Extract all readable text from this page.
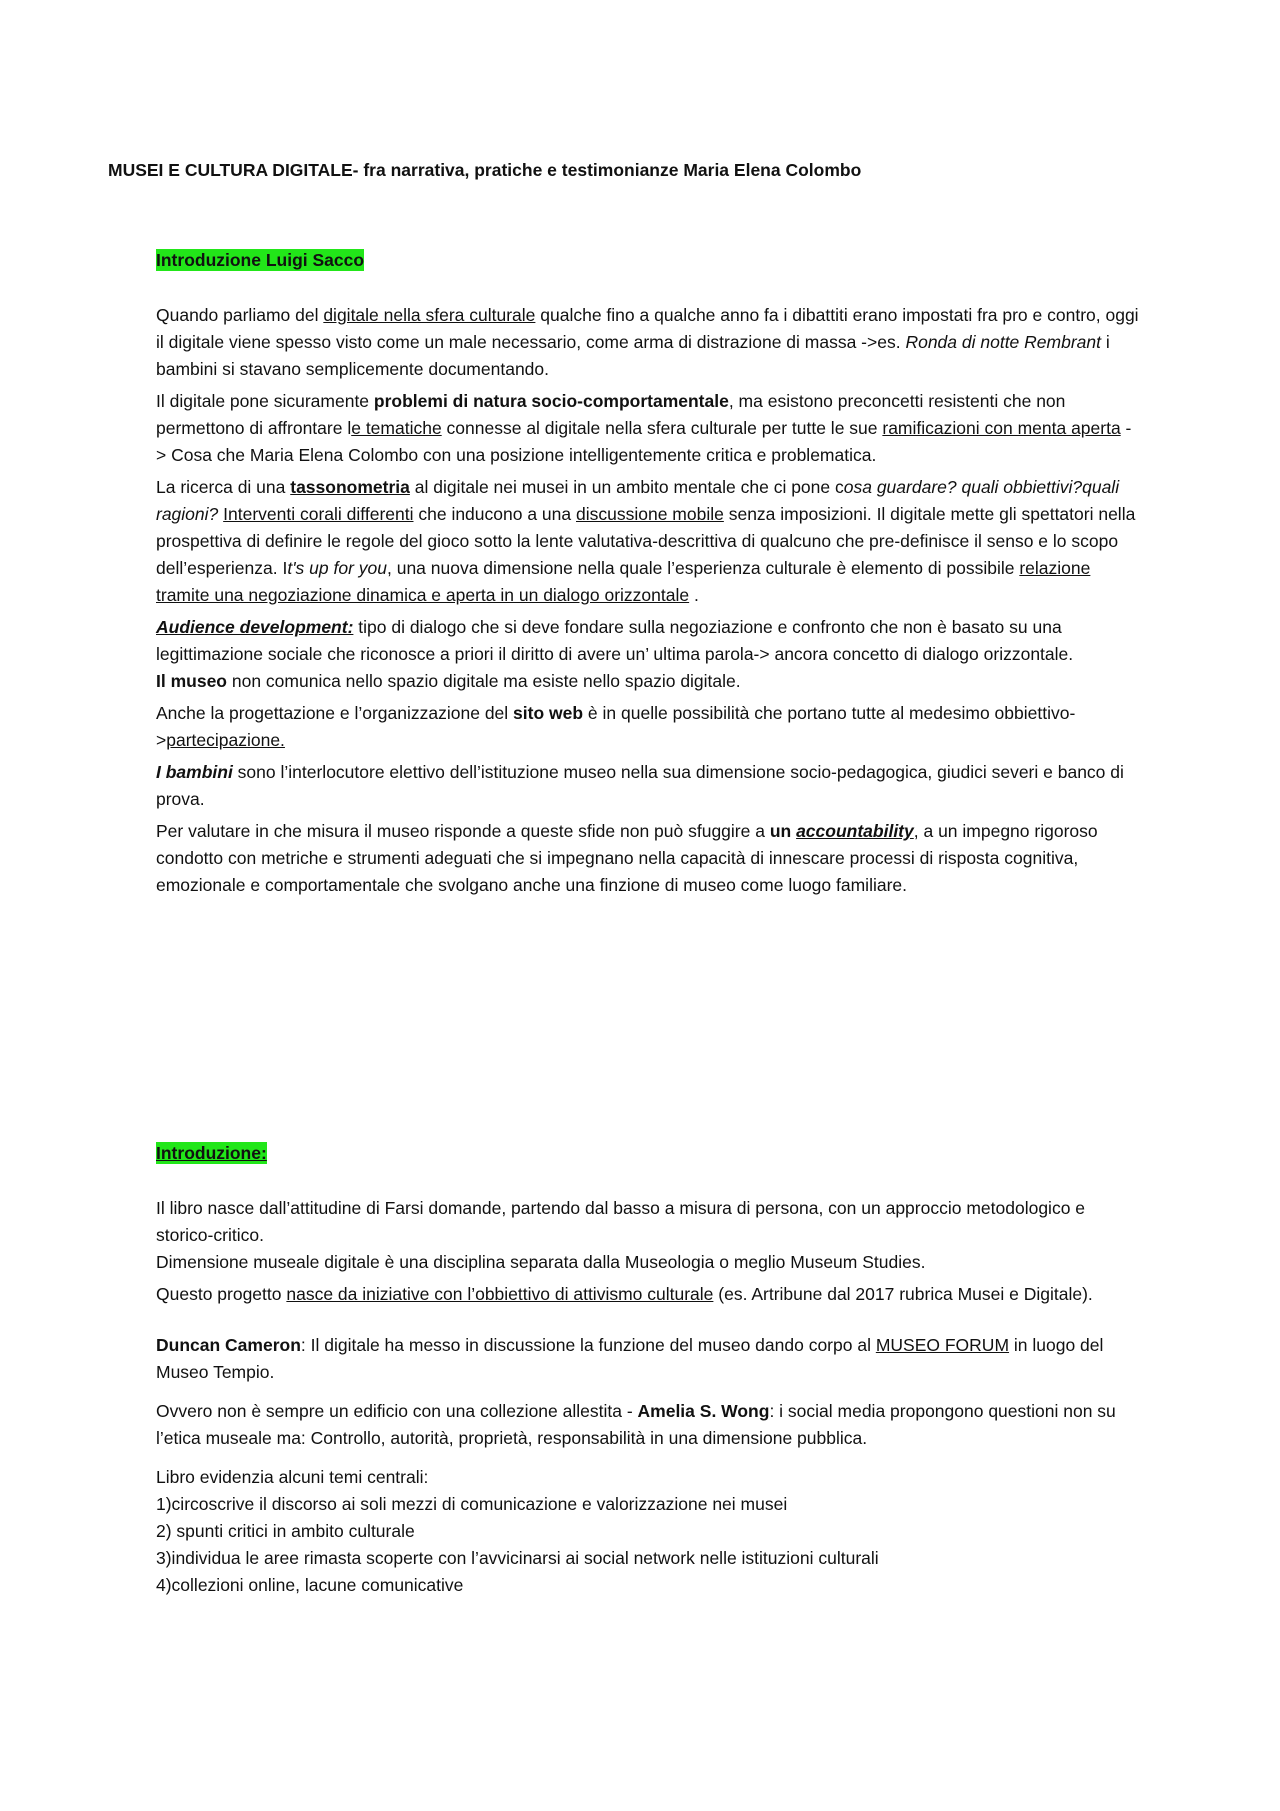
MUSEI E CULTURA DIGITALE- fra narrativa, pratiche e testimonianze Maria Elena Colombo

Introduzione Luigi Sacco

Quando parliamo del digitale nella sfera culturale qualche fino a qualche anno fa i dibattiti erano impostati fra pro e contro, oggi il digitale viene spesso visto come un male necessario, come arma di distrazione di massa ->es. Ronda di notte Rembrant i bambini si stavano semplicemente documentando.

Il digitale pone sicuramente problemi di natura socio-comportamentale, ma esistono preconcetti resistenti che non permettono di affrontare le tematiche connesse al digitale nella sfera culturale per tutte le sue ramificazioni con menta aperta -> Cosa che Maria Elena Colombo con una posizione intelligentemente critica e problematica.

La ricerca di una tassonometria al digitale nei musei in un ambito mentale che ci pone cosa guardare? quali obbiettivi?quali ragioni? Interventi corali differenti che inducono a una discussione mobile senza imposizioni. Il digitale mette gli spettatori nella prospettiva di definire le regole del gioco sotto la lente valutativa-descrittiva di qualcuno che pre-definisce il senso e lo scopo dell’esperienza. It's up for you, una nuova dimensione nella quale l’esperienza culturale è elemento di possibile relazione tramite una negoziazione dinamica e aperta in un dialogo orizzontale .

Audience development: tipo di dialogo che si deve fondare sulla negoziazione e confronto che non è basato su una legittimazione sociale che riconosce a priori il diritto di avere un’ ultima parola-> ancora concetto di dialogo orizzontale.

Il museo non comunica nello spazio digitale ma esiste nello spazio digitale.

Anche la progettazione e l’organizzazione del sito web è in quelle possibilità che portano tutte al medesimo obbiettivo->partecipazione.

I bambini sono l’interlocutore elettivo dell’istituzione museo nella sua dimensione socio-pedagogica, giudici severi e banco di prova.

Per valutare in che misura il museo risponde a queste sfide non può sfuggire a un accountability, a un impegno rigoroso condotto con metriche e strumenti adeguati che si impegnano nella capacità di innescare processi di risposta cognitiva, emozionale e comportamentale che svolgano anche una finzione di museo come luogo familiare.

Introduzione:

Il libro nasce dall’attitudine di Farsi domande, partendo dal basso a misura di persona, con un approccio metodologico e storico-critico.

Dimensione museale digitale è una disciplina separata dalla Museologia o meglio Museum Studies.

Questo progetto nasce da iniziative con l’obbiettivo di attivismo culturale (es. Artribune dal 2017 rubrica Musei e Digitale).

Duncan Cameron: Il digitale ha messo in discussione la funzione del museo dando corpo al MUSEO FORUM in luogo del Museo Tempio.

Ovvero non è sempre un edificio con una collezione allestita - Amelia S. Wong: i social media propongono questioni non su l’etica museale ma: Controllo, autorità, proprietà, responsabilità in una dimensione pubblica.

Libro evidenzia alcuni temi centrali:

1)circoscrive il discorso ai soli mezzi di comunicazione e valorizzazione nei musei

2) spunti critici in ambito culturale

3)individua le aree rimasta scoperte con l’avvicinarsi ai social network nelle istituzioni culturali

4)collezioni online, lacune comunicative
